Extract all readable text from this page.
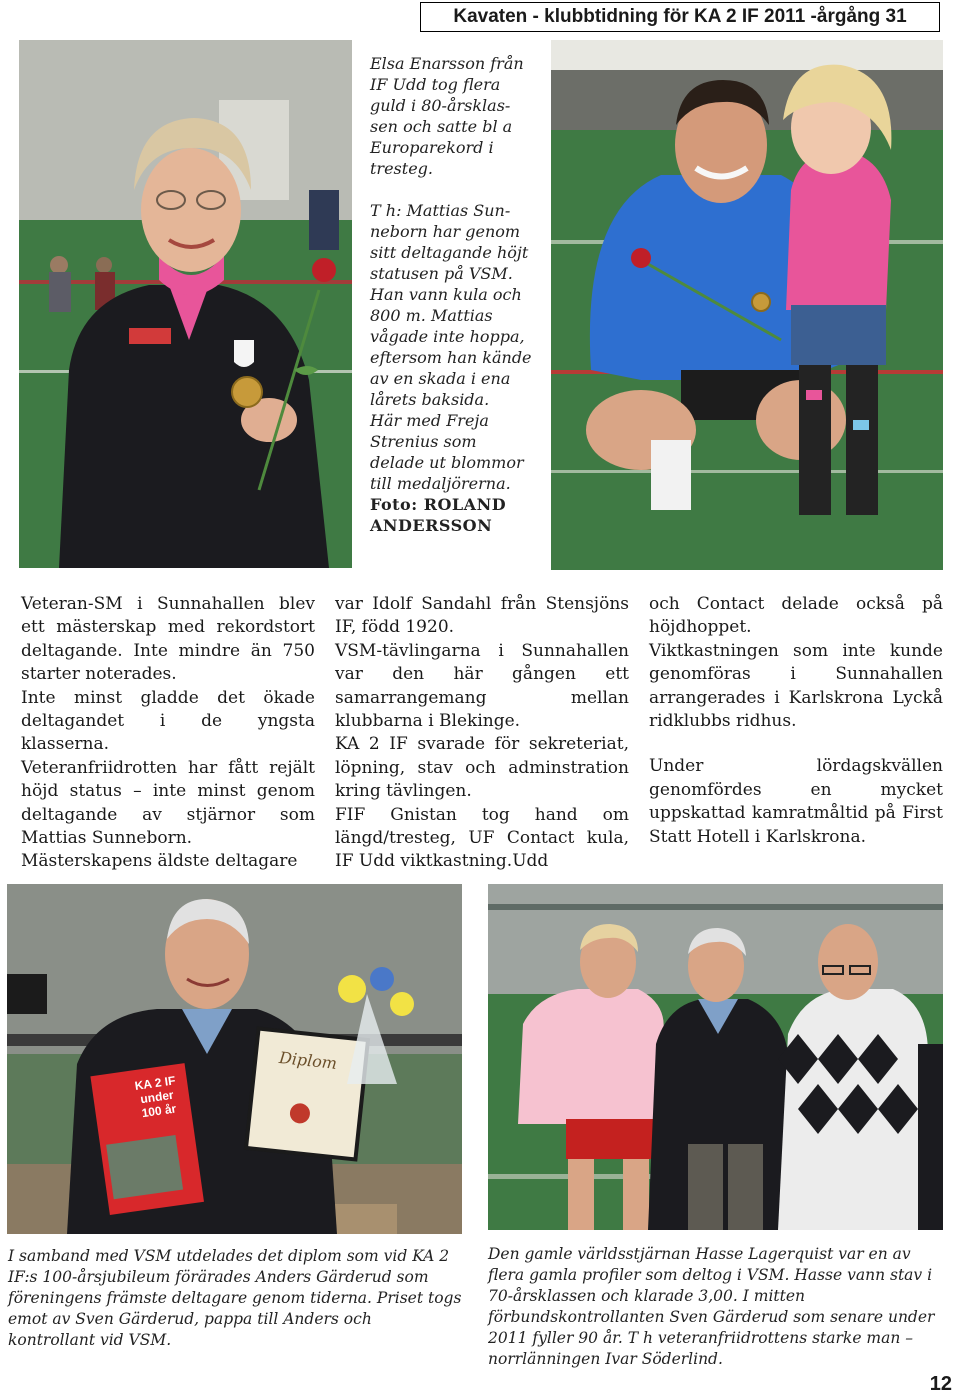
Kavaten - klubbtidning för KA 2 IF 2011 -årgång 31
Elsa Enarsson från
IF Udd tog flera
guld i 80-årsklas-
sen och satte bl a
Europarekord i
tresteg.
T h: Mattias Sun-
neborn har genom
sitt deltagande höjt
statusen på VSM.
Han vann kula och
800 m. Mattias
vågade inte hoppa,
eftersom han kände
av en skada i ena
lårets baksida.
Här med Freja
Strenius som
delade ut blommor
till medaljörerna.
Foto: ROLAND
ANDERSSON

Veteran-SM i Sunnahallen blev ett mästerskap med rekordstort deltagande. Inte mindre än 750 starter noterades.

Inte minst gladde det ökade deltagandet i de yngsta klasserna.

Veteranfriidrotten har fått rejält höjd status – inte minst genom deltagande av stjärnor som Mattias Sunneborn.

Mästerskapens äldste deltagare

var Idolf Sandahl från Stensjöns IF, född 1920.

VSM-tävlingarna i Sunnahallen var den här gången ett samarrangemang mellan klubbarna i Blekinge.

KA 2 IF svarade för sekreteriat, löpning, stav och adminstration kring tävlingen.

FIF Gnistan tog hand om längd/tresteg, UF Contact kula, IF Udd viktkastning.Udd

och Contact delade också på höjdhoppet.

Viktkastningen som inte kunde genomföras i Sunnahallen arrangerades i Karlskrona Lyckå ridklubbs ridhus.

Under lördagskvällen genomfördes en mycket uppskattad kamratmåltid på First Statt Hotell i Karlskrona.

KA 2 IF
under
100 år
Diplom
I samband med VSM utdelades det diplom som vid KA 2 IF:s 100-årsjubileum förärades Anders Gärderud som föreningens främste deltagare genom tiderna. Priset togs emot av Sven Gärderud, pappa till Anders och kontrollant vid VSM.
Den gamle världsstjärnan Hasse Lagerquist var en av flera gamla profiler som deltog i VSM. Hasse vann stav i 70-årsklassen och klarade 3,00. I mitten förbundskontrollanten Sven Gärderud som senare under 2011 fyller 90 år. T h veteranfriidrottens starke man – norrlänningen Ivar Söderlind.
12
